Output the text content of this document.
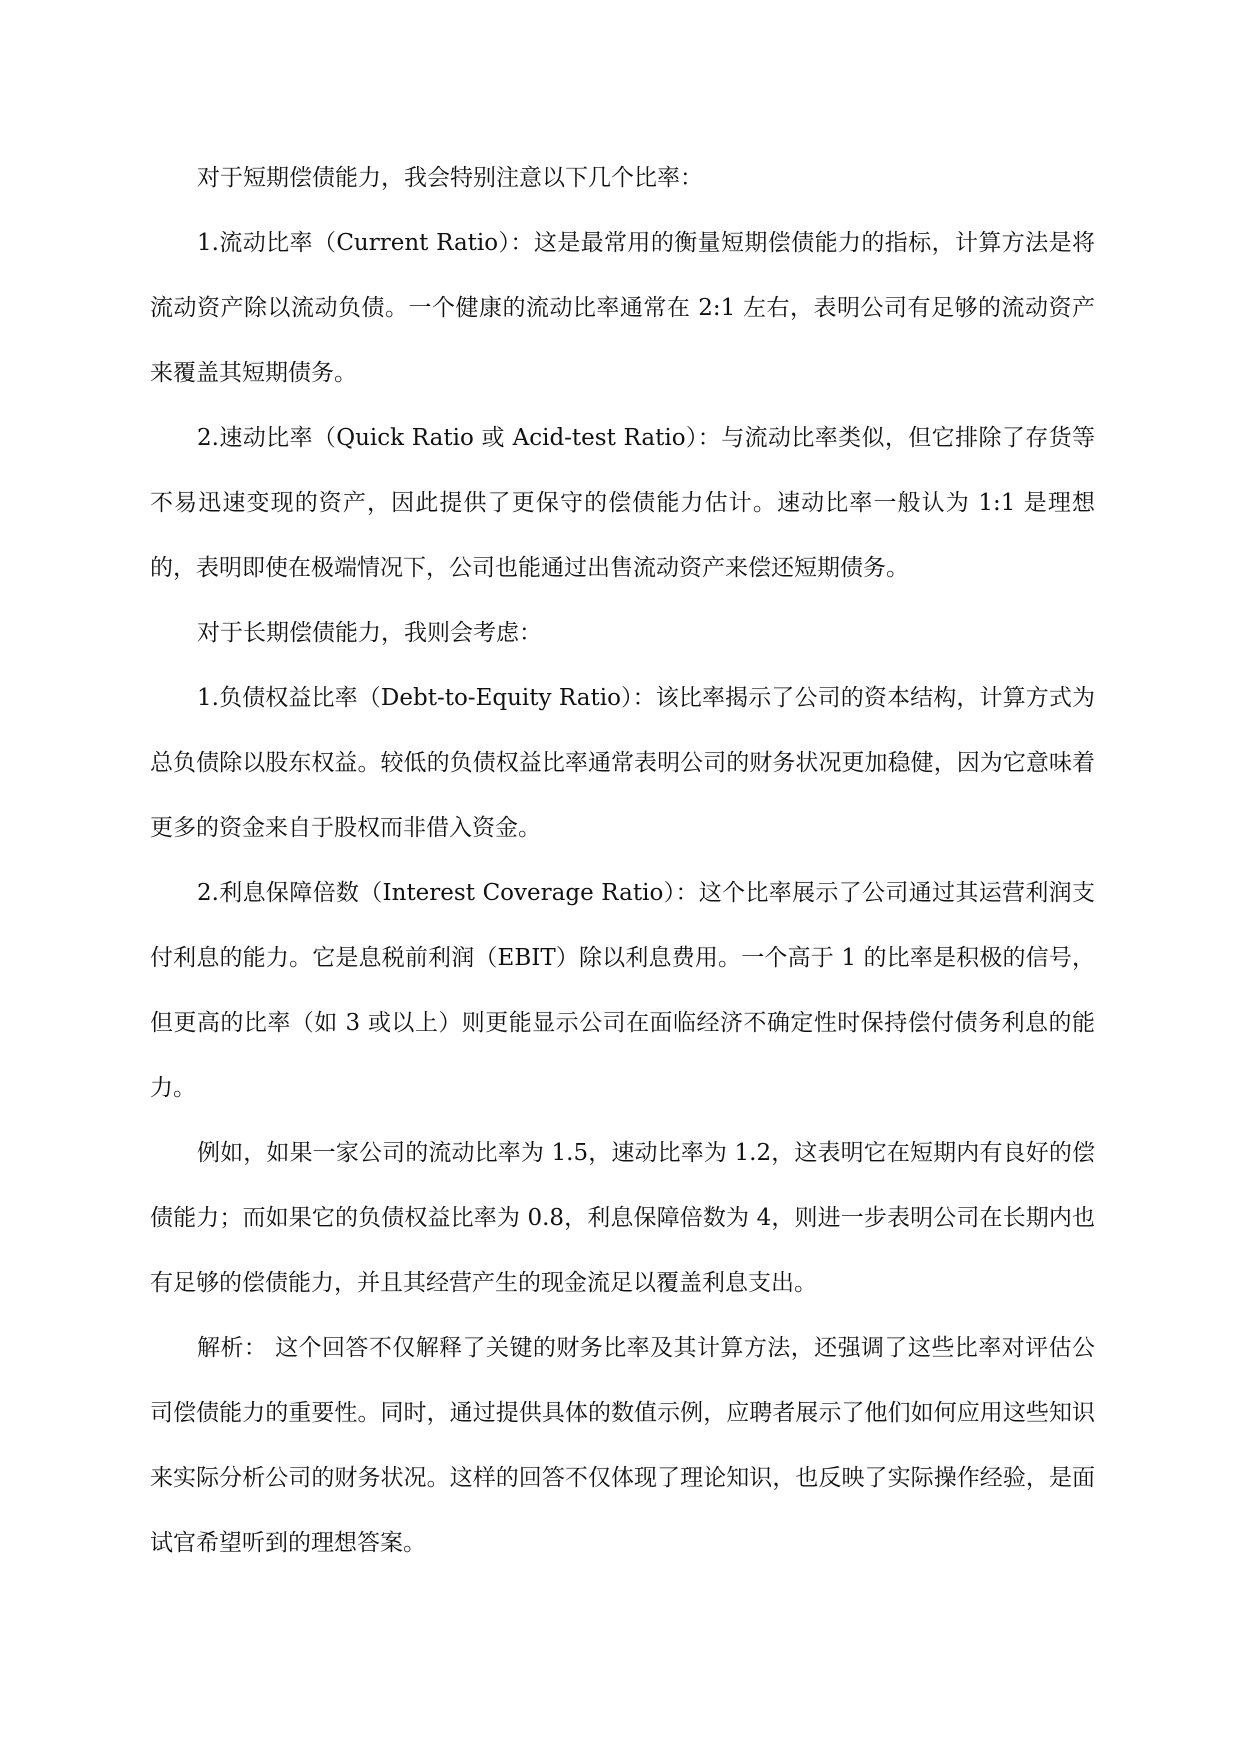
对于短期偿债能力，我会特别注意以下几个比率：

1.流动比率（Current Ratio）：这是最常用的衡量短期偿债能力的指标，计算方法是将流动资产除以流动负债。一个健康的流动比率通常在 2:1 左右，表明公司有足够的流动资产来覆盖其短期债务。

2.速动比率（Quick Ratio 或 Acid-test Ratio）：与流动比率类似，但它排除了存货等不易迅速变现的资产，因此提供了更保守的偿债能力估计。速动比率一般认为 1:1 是理想的，表明即使在极端情况下，公司也能通过出售流动资产来偿还短期债务。

对于长期偿债能力，我则会考虑：

1.负债权益比率（Debt-to-Equity Ratio）：该比率揭示了公司的资本结构，计算方式为总负债除以股东权益。较低的负债权益比率通常表明公司的财务状况更加稳健，因为它意味着更多的资金来自于股权而非借入资金。

2.利息保障倍数（Interest Coverage Ratio）：这个比率展示了公司通过其运营利润支付利息的能力。它是息税前利润（EBIT）除以利息费用。一个高于 1 的比率是积极的信号，但更高的比率（如 3 或以上）则更能显示公司在面临经济不确定性时保持偿付债务利息的能力。

例如，如果一家公司的流动比率为 1.5，速动比率为 1.2，这表明它在短期内有良好的偿债能力；而如果它的负债权益比率为 0.8，利息保障倍数为 4，则进一步表明公司在长期内也有足够的偿债能力，并且其经营产生的现金流足以覆盖利息支出。

解析： 这个回答不仅解释了关键的财务比率及其计算方法，还强调了这些比率对评估公司偿债能力的重要性。同时，通过提供具体的数值示例，应聘者展示了他们如何应用这些知识来实际分析公司的财务状况。这样的回答不仅体现了理论知识，也反映了实际操作经验，是面试官希望听到的理想答案。
